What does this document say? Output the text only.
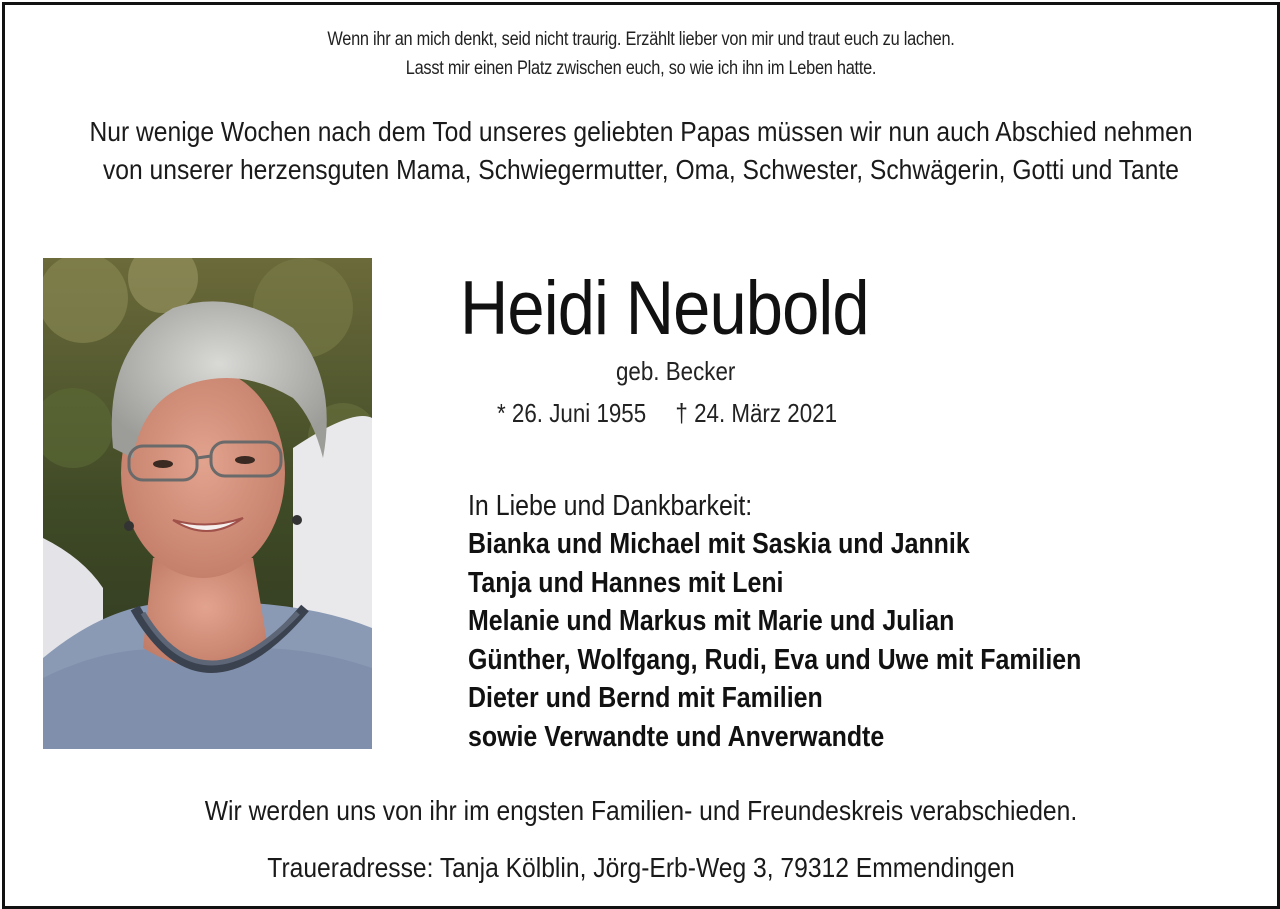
Wenn ihr an mich denkt, seid nicht traurig. Erzählt lieber von mir und traut euch zu lachen.
Lasst mir einen Platz zwischen euch, so wie ich ihn im Leben hatte.
Nur wenige Wochen nach dem Tod unseres geliebten Papas müssen wir nun auch Abschied nehmen
von unserer herzensguten Mama, Schwiegermutter, Oma, Schwester, Schwägerin, Gotti und Tante
Heidi Neubold
geb. Becker
* 26. Juni 1955 † 24. März 2021
In Liebe und Dankbarkeit:
Bianka und Michael mit Saskia und Jannik
Tanja und Hannes mit Leni
Melanie und Markus mit Marie und Julian
Günther, Wolfgang, Rudi, Eva und Uwe mit Familien
Dieter und Bernd mit Familien
sowie Verwandte und Anverwandte
Wir werden uns von ihr im engsten Familien- und Freundeskreis verabschieden.
Traueradresse: Tanja Kölblin, Jörg-Erb-Weg 3, 79312 Emmendingen
